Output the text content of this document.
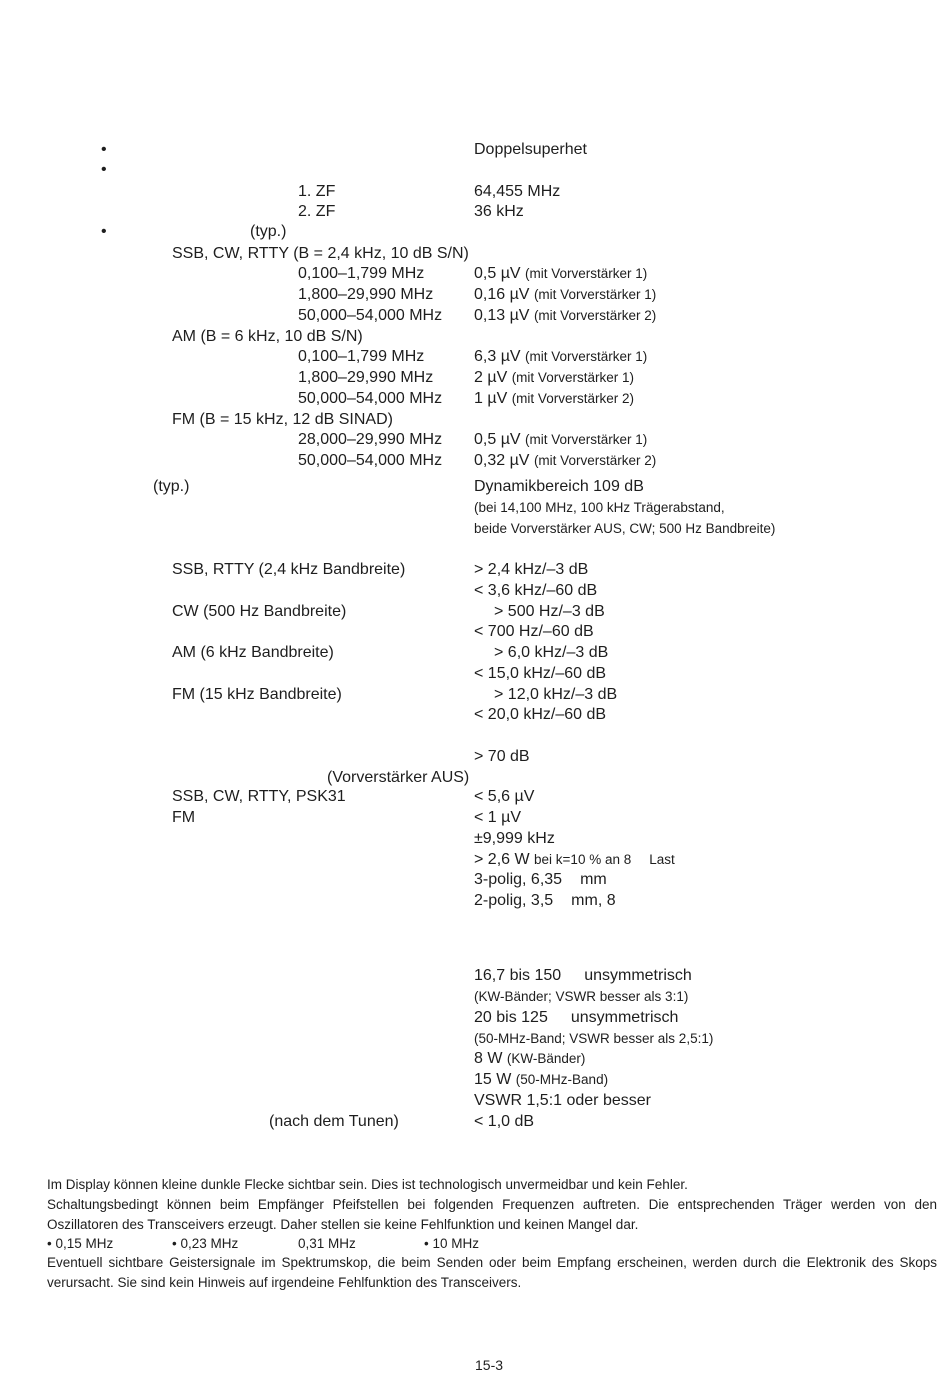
•
•
•
Doppelsuperhet
1. ZF	64,455 MHz
2. ZF	36 kHz
(typ.)
SSB, CW, RTTY (B = 2,4 kHz, 10 dB S/N)
0,100–1,799 MHz	0,5 µV (mit Vorverstärker 1)
1,800–29,990 MHz	0,16 µV (mit Vorverstärker 1)
50,000–54,000 MHz 0,13 µV (mit Vorverstärker 2)
AM (B = 6 kHz, 10 dB S/N)
0,100–1,799 MHz	6,3 µV (mit Vorverstärker 1)
1,800–29,990 MHz	2 µV (mit Vorverstärker 1)
50,000–54,000 MHz 1 µV (mit Vorverstärker 2)
FM (B = 15 kHz, 12 dB SINAD)
28,000–29,990 MHz 0,5 µV (mit Vorverstärker 1)
50,000–54,000 MHz 0,32 µV (mit Vorverstärker 2)
(typ.)	Dynamikbereich 109 dB
(bei 14,100 MHz, 100 kHz Trägerabstand,
beide Vorverstärker AUS, CW; 500 Hz Bandbreite)
SSB, RTTY (2,4 kHz Bandbreite)	> 2,4 kHz/–3 dB
< 3,6 kHz/–60 dB
CW (500 Hz Bandbreite)	> 500 Hz/–3 dB
< 700 Hz/–60 dB
AM (6 kHz Bandbreite)	> 6,0 kHz/–3 dB
< 15,0 kHz/–60 dB
FM (15 kHz Bandbreite)	> 12,0 kHz/–3 dB
< 20,0 kHz/–60 dB
> 70 dB
(Vorverstärker AUS)
SSB, CW, RTTY, PSK31	< 5,6 µV
FM	< 1 µV
±9,999 kHz
> 2,6 W bei k=10 % an 8 Last
3-polig, 6,35 mm
2-polig, 3,5 mm, 8
16,7 bis 150 unsymmetrisch
(KW-Bänder; VSWR besser als 3:1)
20 bis 125 unsymmetrisch
(50-MHz-Band; VSWR besser als 2,5:1)
8 W (KW-Bänder)
15 W (50-MHz-Band)
VSWR 1,5:1 oder besser
(nach dem Tunen)	< 1,0 dB
Im Display können kleine dunkle Flecke sichtbar sein. Dies ist technologisch unvermeidbar und kein Fehler.
Schaltungsbedingt können beim Empfänger Pfeifstellen bei folgenden Frequenzen auftreten. Die entsprechenden Träger werden von den Oszillatoren des Transceivers erzeugt. Daher stellen sie keine Fehlfunktion und keinen Mangel dar.
• 0,15 MHz	• 0,23 MHz	0,31 MHz	• 10 MHz
Eventuell sichtbare Geistersignale im Spektrumskop, die beim Senden oder beim Empfang erscheinen, werden durch die Elektronik des Skops verursacht. Sie sind kein Hinweis auf irgendeine Fehlfunktion des Transceivers.
15-3
